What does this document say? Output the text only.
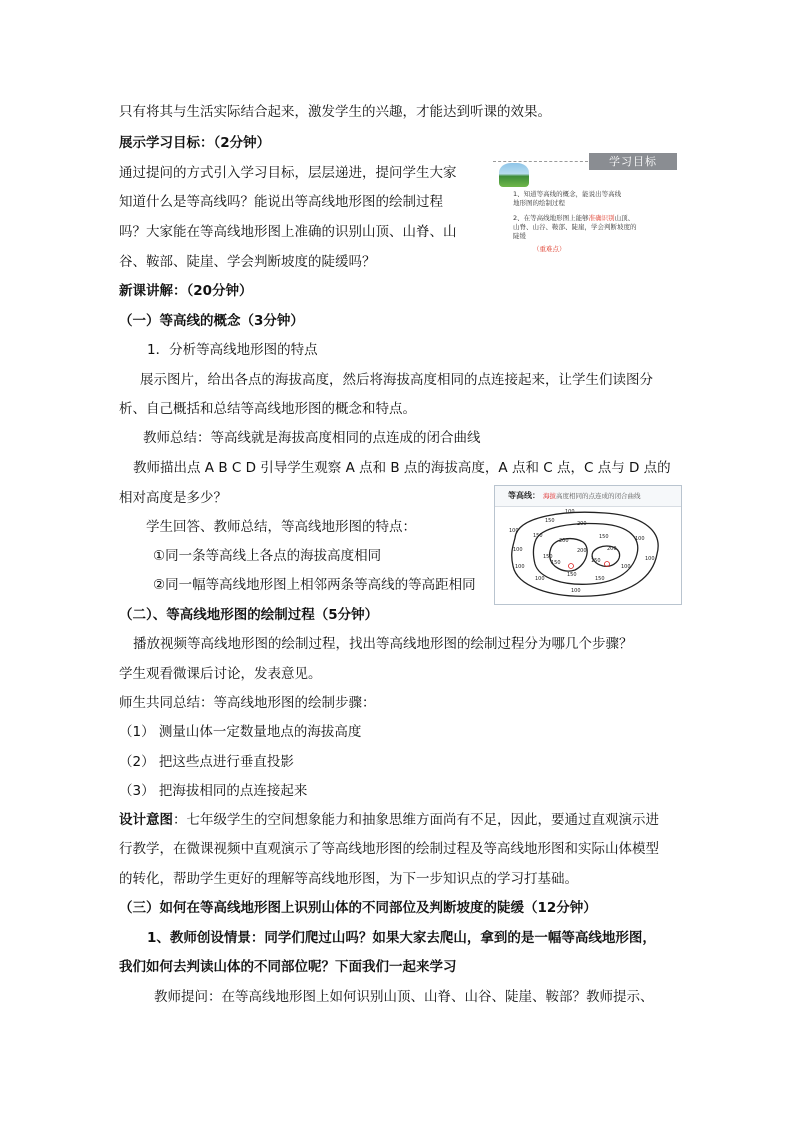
只有将其与生活实际结合起来，激发学生的兴趣，才能达到听课的效果。
展示学习目标：（2分钟）
通过提问的方式引入学习目标，层层递进，提问学生大家
知道什么是等高线吗？能说出等高线地形图的绘制过程
吗？大家能在等高线地形图上准确的识别山顶、山脊、山
谷、鞍部、陡崖、学会判断坡度的陡缓吗？
新课讲解：（20分钟）
（一）等高线的概念（3分钟）
1．分析等高线地形图的特点
展示图片，给出各点的海拔高度，然后将海拔高度相同的点连接起来，让学生们读图分
析、自己概括和总结等高线地形图的概念和特点。
教师总结：等高线就是海拔高度相同的点连成的闭合曲线
教师描出点 A B C D 引导学生观察 A 点和 B 点的海拔高度，A 点和 C 点，C 点与 D 点的
相对高度是多少？
学生回答、教师总结，等高线地形图的特点：
①同一条等高线上各点的海拔高度相同
②同一幅等高线地形图上相邻两条等高线的等高距相同
（二）、等高线地形图的绘制过程（5分钟）
播放视频等高线地形图的绘制过程，找出等高线地形图的绘制过程分为哪几个步骤？
学生观看微课后讨论，发表意见。
师生共同总结：等高线地形图的绘制步骤：
（1） 测量山体一定数量地点的海拔高度
（2） 把这些点进行垂直投影
（3） 把海拔相同的点连接起来
设计意图：七年级学生的空间想象能力和抽象思维方面尚有不足，因此，要通过直观演示进
行教学，在微课视频中直观演示了等高线地形图的绘制过程及等高线地形图和实际山体模型
的转化，帮助学生更好的理解等高线地形图，为下一步知识点的学习打基础。
（三）如何在等高线地形图上识别山体的不同部位及判断坡度的陡缓（12分钟）
1、教师创设情景：同学们爬过山吗？如果大家去爬山，拿到的是一幅等高线地形图，
我们如何去判读山体的不同部位呢？下面我们一起来学习
教师提问：在等高线地形图上如何识别山顶、山脊、山谷、陡崖、鞍部？教师提示、
学习目标
1、知道等高线的概念，能说出等高线
地形图的绘制过程
2、在等高线地形图上能够准确识别山顶、
山脊、山谷、鞍部、陡崖，学会判断坡度的
陡缓
（重难点）
等高线： 海拔高度相同的点连成的闭合曲线
100
150	200
100
150
200
150	100
200
100
150	100
150
200
150
100	100
150
100	150
100
